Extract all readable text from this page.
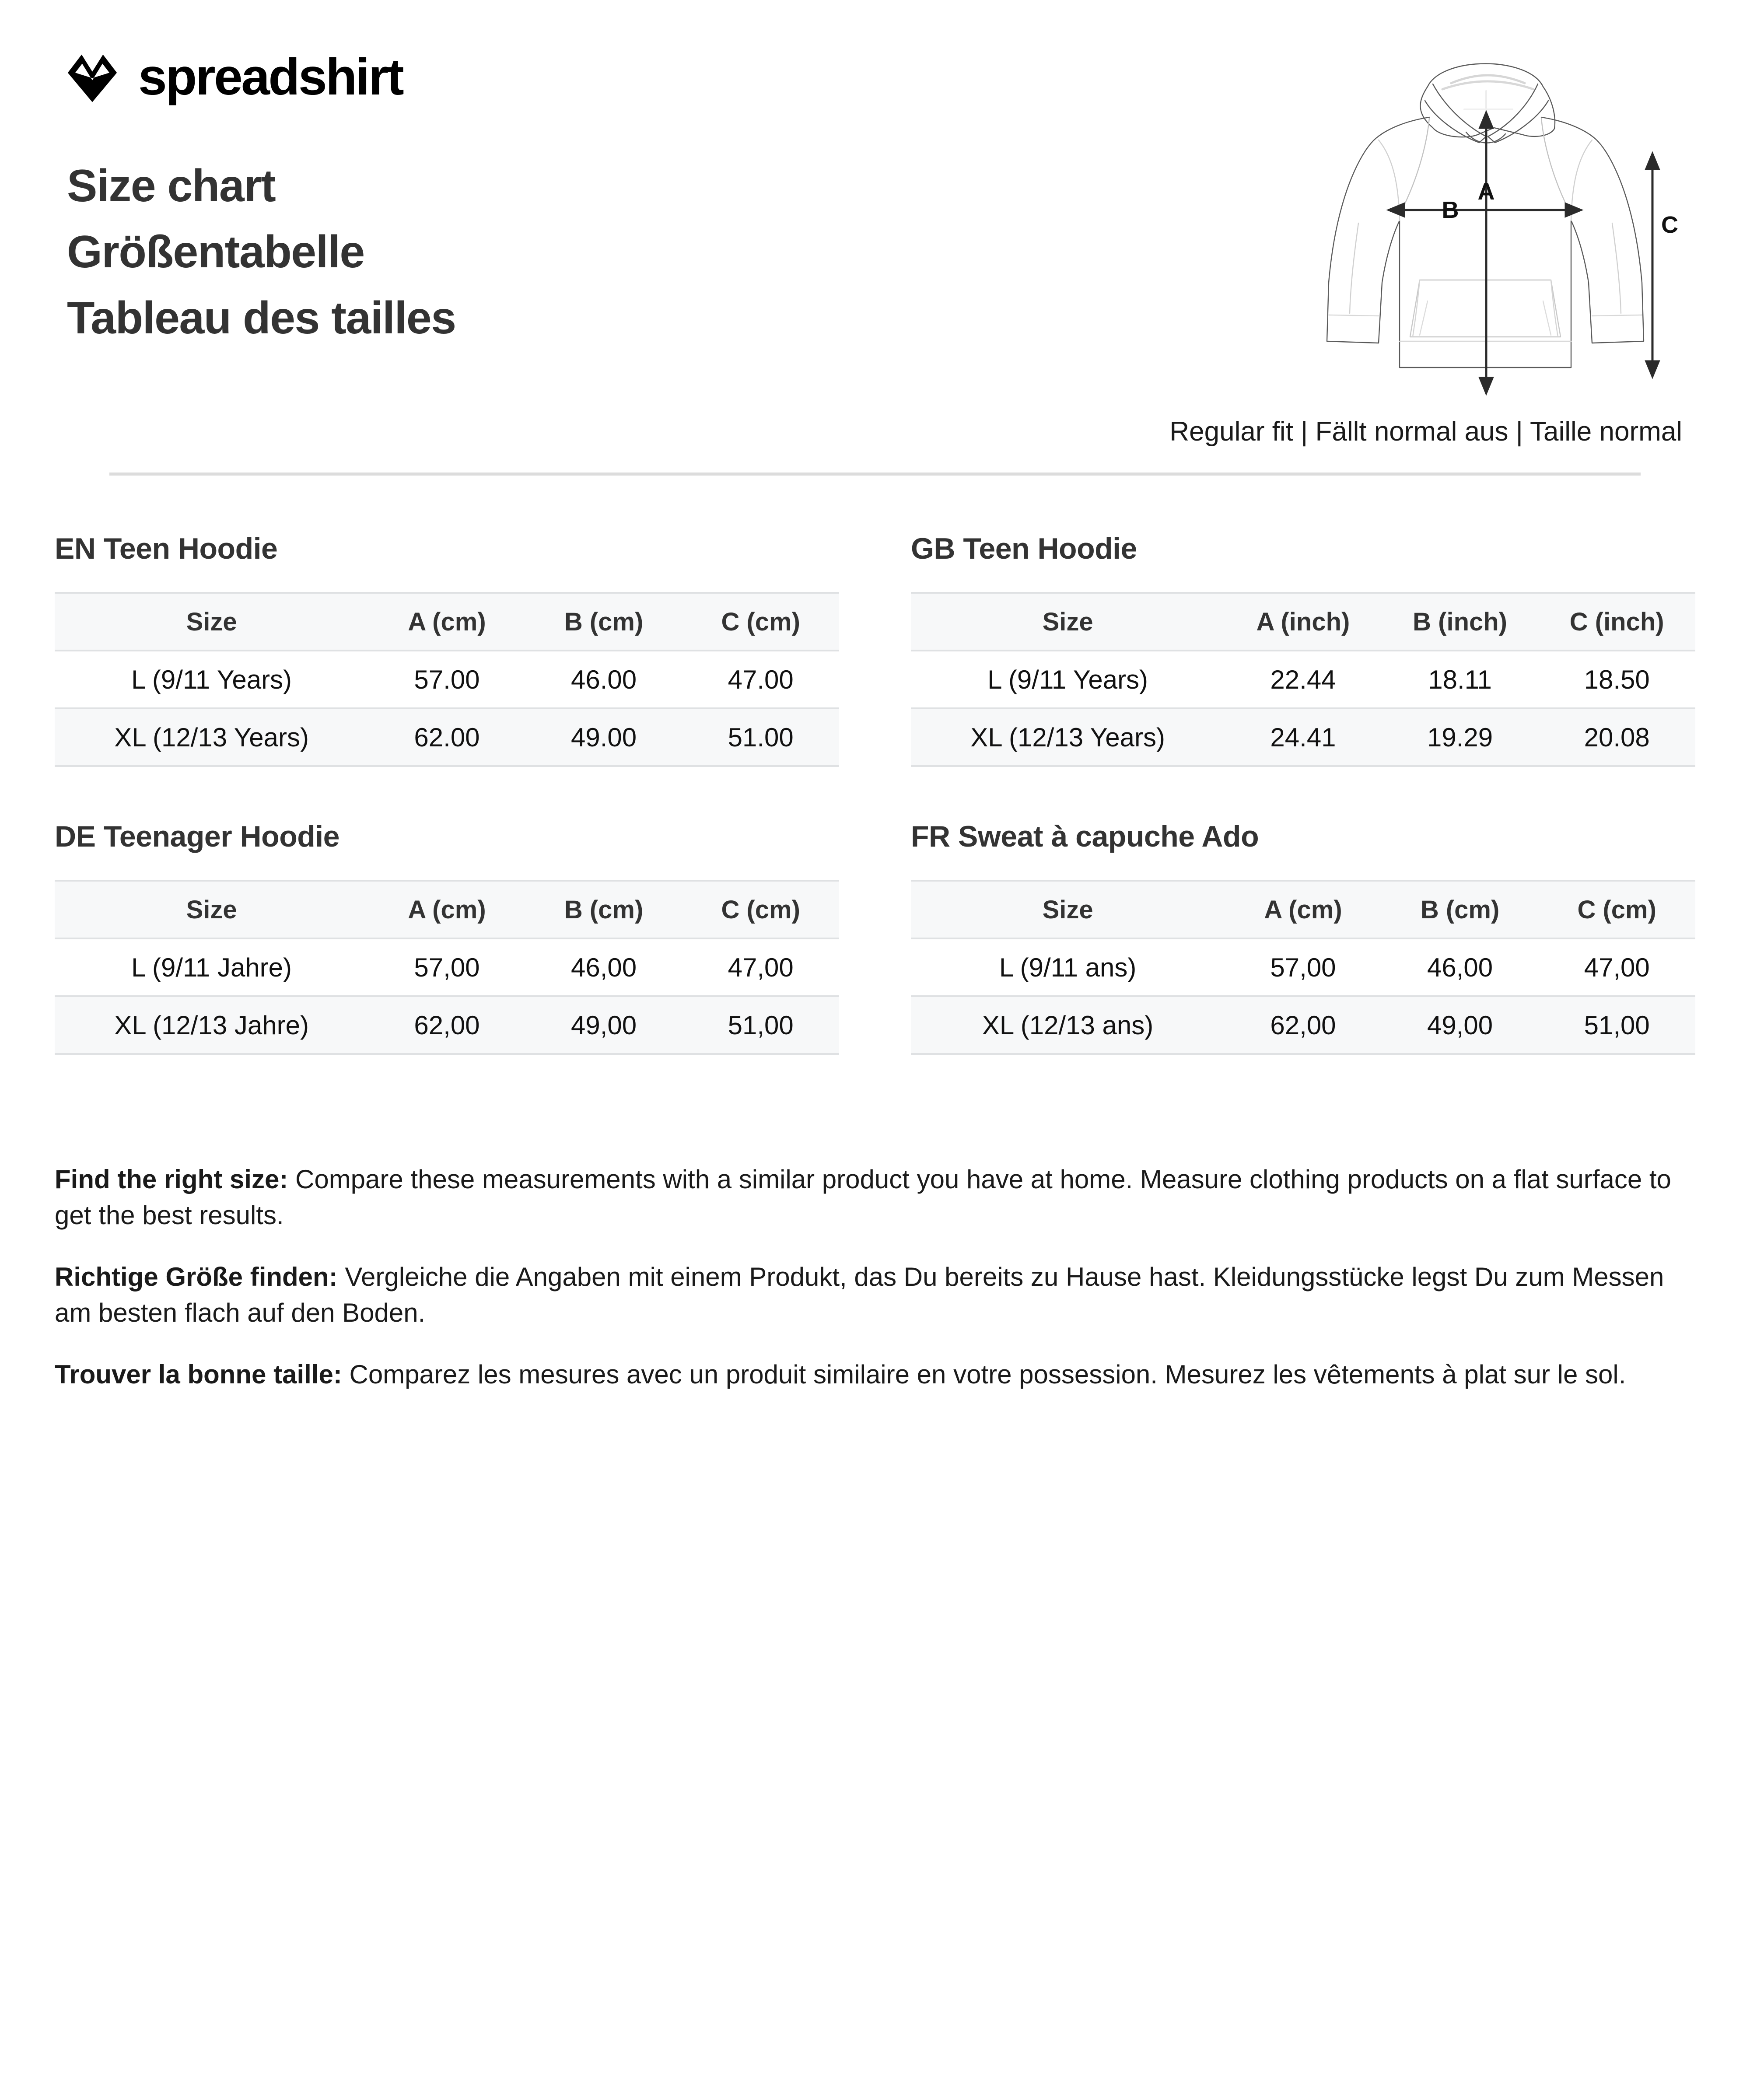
spreadshirt
Size chart
Größentabelle
Tableau des tailles
A
B
C
Regular fit | Fällt normal aus | Taille normal
EN Teen Hoodie
Size	A (cm)	B (cm)	C (cm)
L (9/11 Years)	57.00	46.00	47.00
XL (12/13 Years)	62.00	49.00	51.00
GB Teen Hoodie
Size	A (inch)	B (inch)	C (inch)
L (9/11 Years)	22.44	18.11	18.50
XL (12/13 Years)	24.41	19.29	20.08
DE Teenager Hoodie
Size	A (cm)	B (cm)	C (cm)
L (9/11 Jahre)	57,00	46,00	47,00
XL (12/13 Jahre)	62,00	49,00	51,00
FR Sweat à capuche Ado
Size	A (cm)	B (cm)	C (cm)
L (9/11 ans)	57,00	46,00	47,00
XL (12/13 ans)	62,00	49,00	51,00

Find the right size: Compare these measurements with a similar product you have at home. Measure clothing products on a flat surface to get the best results.

Richtige Größe finden: Vergleiche die Angaben mit einem Produkt, das Du bereits zu Hause hast. Kleidungsstücke legst Du zum Messen am besten flach auf den Boden.

Trouver la bonne taille: Comparez les mesures avec un produit similaire en votre possession. Mesurez les vêtements à plat sur le sol.
